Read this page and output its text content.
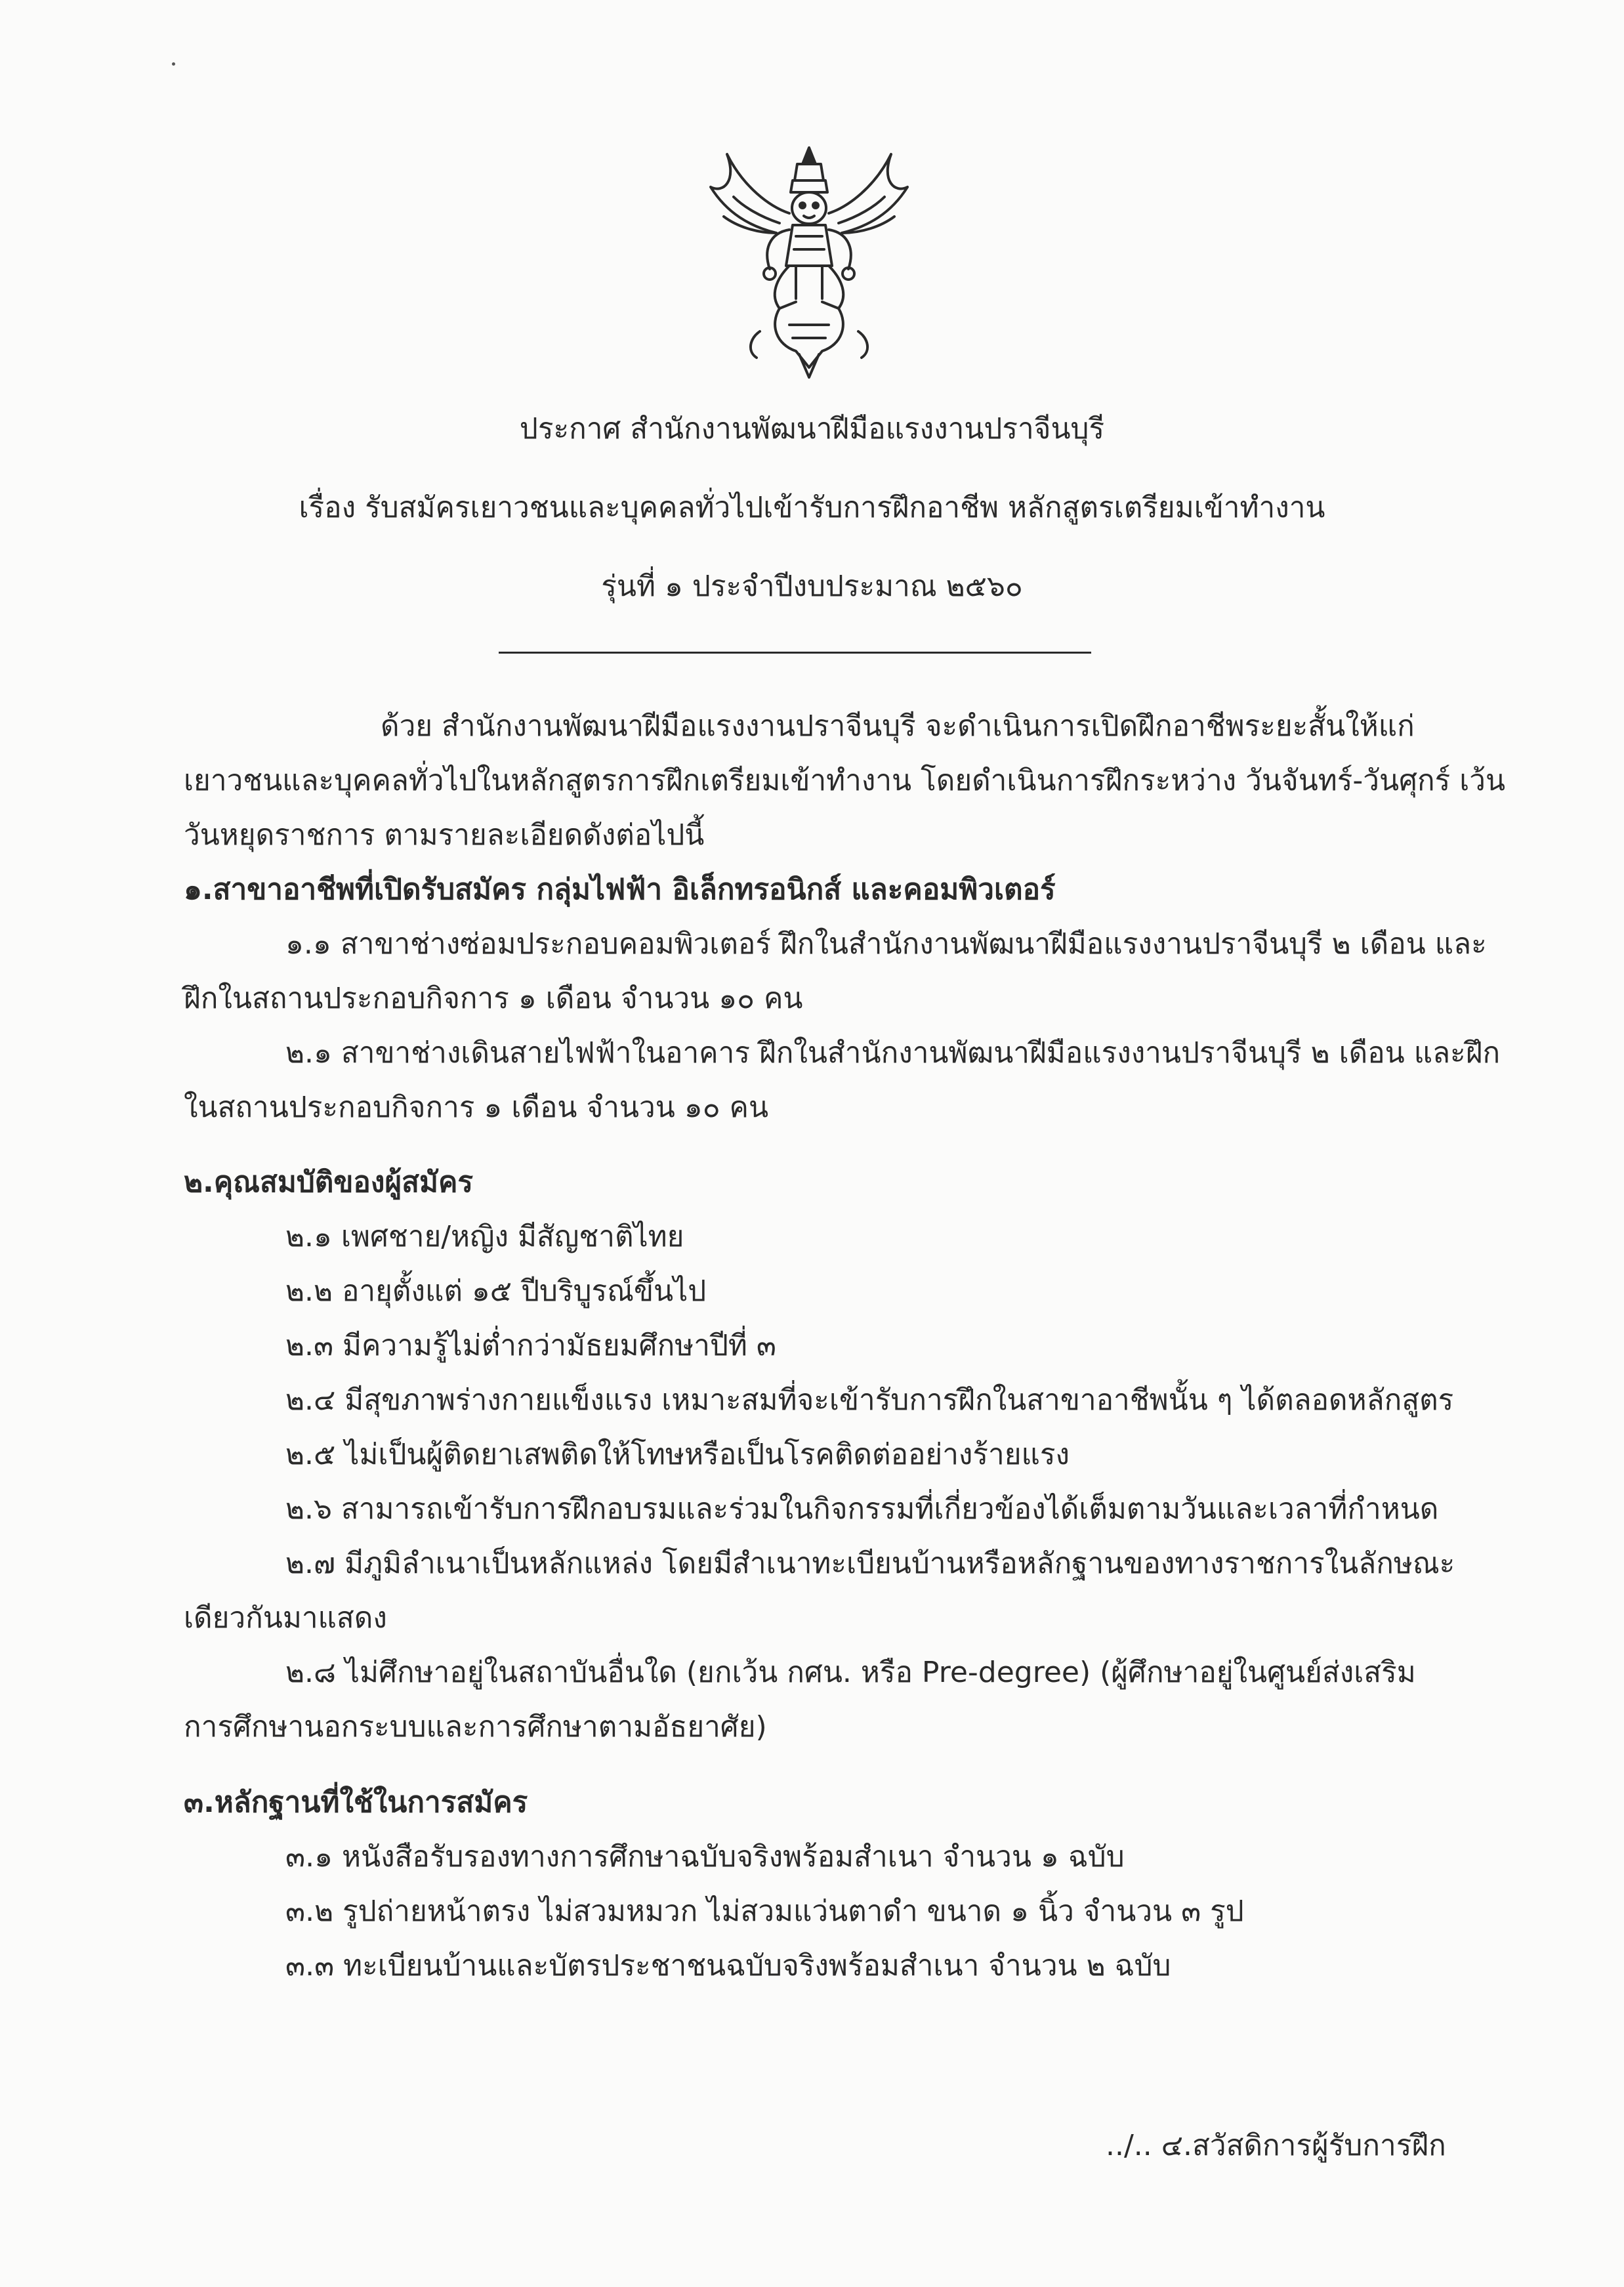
ประกาศ สำนักงานพัฒนาฝีมือแรงงานปราจีนบุรี
เรื่อง รับสมัครเยาวชนและบุคคลทั่วไปเข้ารับการฝึกอาชีพ หลักสูตรเตรียมเข้าทำงาน
รุ่นที่ ๑ ประจำปีงบประมาณ ๒๕๖๐
ด้วย สำนักงานพัฒนาฝีมือแรงงานปราจีนบุรี จะดำเนินการเปิดฝึกอาชีพระยะสั้นให้แก่
เยาวชนและบุคคลทั่วไปในหลักสูตรการฝึกเตรียมเข้าทำงาน โดยดำเนินการฝึกระหว่าง วันจันทร์-วันศุกร์ เว้น
วันหยุดราชการ ตามรายละเอียดดังต่อไปนี้
๑.สาขาอาชีพที่เปิดรับสมัคร กลุ่มไฟฟ้า อิเล็กทรอนิกส์ และคอมพิวเตอร์
๑.๑ สาขาช่างซ่อมประกอบคอมพิวเตอร์ ฝึกในสำนักงานพัฒนาฝีมือแรงงานปราจีนบุรี ๒ เดือน และ
ฝึกในสถานประกอบกิจการ ๑ เดือน จำนวน ๑๐ คน
๒.๑ สาขาช่างเดินสายไฟฟ้าในอาคาร ฝึกในสำนักงานพัฒนาฝีมือแรงงานปราจีนบุรี ๒ เดือน และฝึก
ในสถานประกอบกิจการ ๑ เดือน จำนวน ๑๐ คน
๒.คุณสมบัติของผู้สมัคร
๒.๑ เพศชาย/หญิง มีสัญชาติไทย
๒.๒ อายุตั้งแต่ ๑๕ ปีบริบูรณ์ขึ้นไป
๒.๓ มีความรู้ไม่ต่ำกว่ามัธยมศึกษาปีที่ ๓
๒.๔ มีสุขภาพร่างกายแข็งแรง เหมาะสมที่จะเข้ารับการฝึกในสาขาอาชีพนั้น ๆ ได้ตลอดหลักสูตร
๒.๕ ไม่เป็นผู้ติดยาเสพติดให้โทษหรือเป็นโรคติดต่ออย่างร้ายแรง
๒.๖ สามารถเข้ารับการฝึกอบรมและร่วมในกิจกรรมที่เกี่ยวข้องได้เต็มตามวันและเวลาที่กำหนด
๒.๗ มีภูมิลำเนาเป็นหลักแหล่ง โดยมีสำเนาทะเบียนบ้านหรือหลักฐานของทางราชการในลักษณะ
เดียวกันมาแสดง
๒.๘ ไม่ศึกษาอยู่ในสถาบันอื่นใด (ยกเว้น กศน. หรือ Pre-degree) (ผู้ศึกษาอยู่ในศูนย์ส่งเสริม
การศึกษานอกระบบและการศึกษาตามอัธยาศัย)
๓.หลักฐานที่ใช้ในการสมัคร
๓.๑ หนังสือรับรองทางการศึกษาฉบับจริงพร้อมสำเนา จำนวน ๑ ฉบับ
๓.๒ รูปถ่ายหน้าตรง ไม่สวมหมวก ไม่สวมแว่นตาดำ ขนาด ๑ นิ้ว จำนวน ๓ รูป
๓.๓ ทะเบียนบ้านและบัตรประชาชนฉบับจริงพร้อมสำเนา จำนวน ๒ ฉบับ
../.. ๔.สวัสดิการผู้รับการฝึก
